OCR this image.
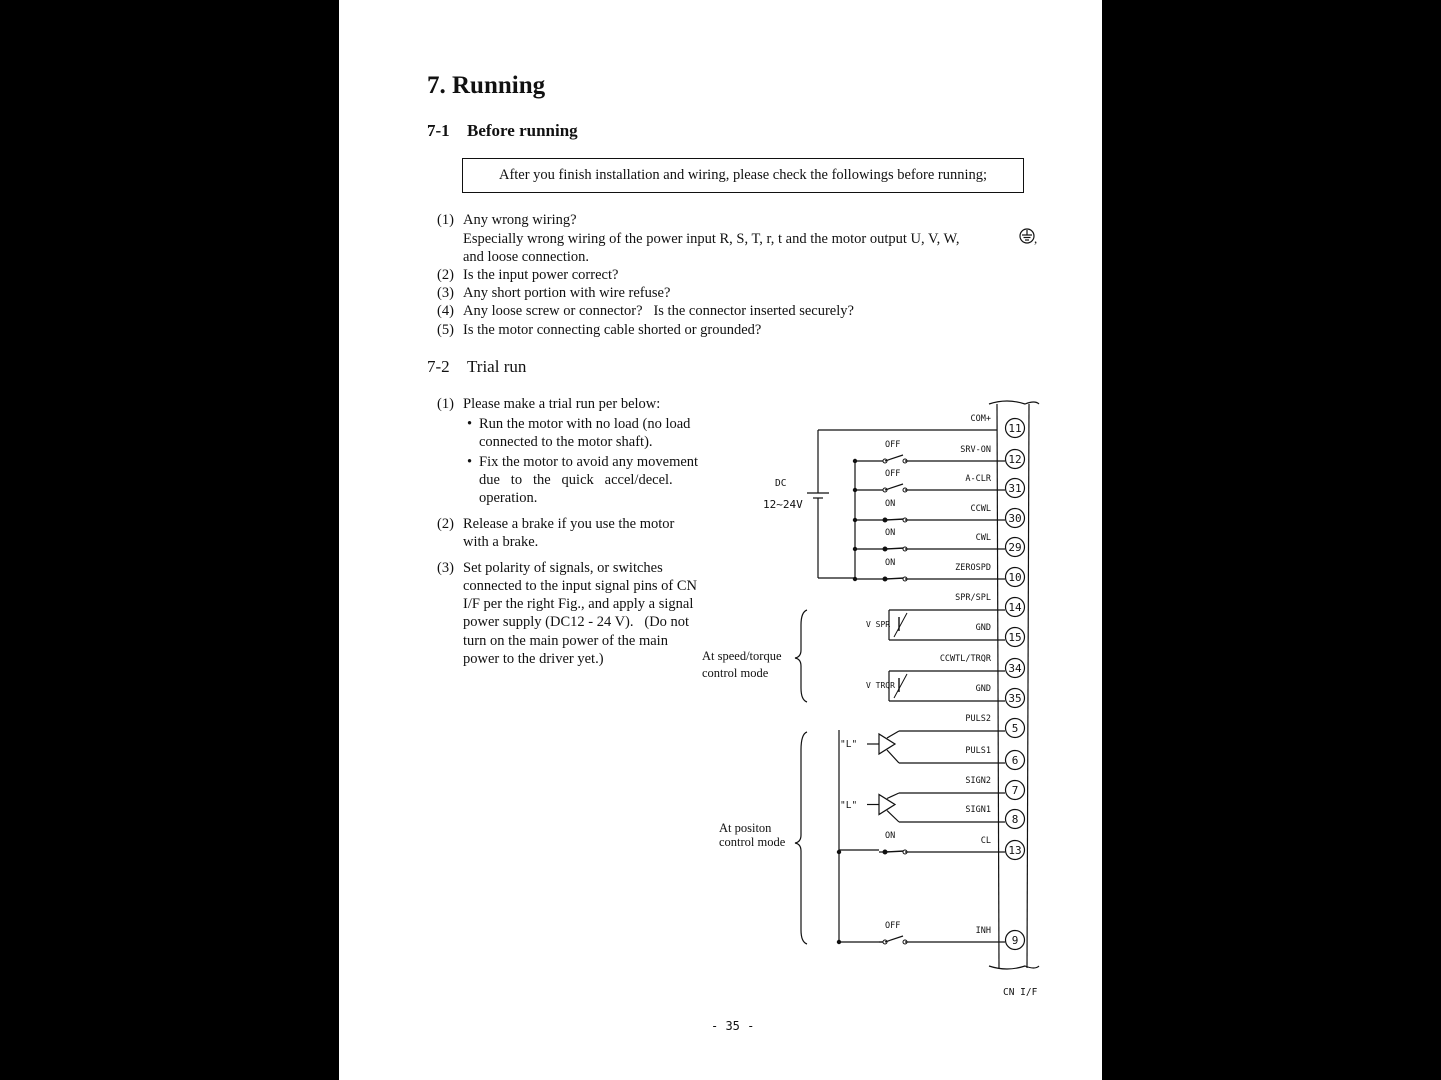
7. Running
7-1 Before running
After you finish installation and wiring, please check the followings before running;
(1) Any wrong wiring?
Especially wrong wiring of the power input R, S, T, r, t and the motor output U, V, W,	,
and loose connection.
(2) Is the input power correct?
(3) Any short portion with wire refuse?
(4) Any loose screw or connector?   Is the connector inserted securely?
(5) Is the motor connecting cable shorted or grounded?
7-2 Trial run
(1) Please make a trial run per below:
• Run the motor with no load (no load
connected to the motor shaft).
• Fix the motor to avoid any movement
due   to   the   quick   accel/decel.
operation.
(2) Release a brake if you use the motor
with a brake.
(3) Set polarity of signals, or switches
connected to the input signal pins of CN
I/F per the right Fig., and apply a signal
power supply (DC12 - 24 V).   (Do not
turn on the main power of the main
power to the driver yet.)
11
COM+
12
SRV-ON
OFF
31
A-CLR
OFF
30
CCWL
ON
29
CWL
ON
10
ZEROSPD
ON
14
SPR/SPL
15
GND
34
CCWTL/TRQR
35
GND
5
PULS2
6
PULS1
7
SIGN2
8
SIGN1
13
CL
ON
9
INH
OFF
DC
12~24V
At speed/torque
control mode
At positon
control mode
CN I/F
V SPR
V TRQR
"L"
"L"
- 35 -
